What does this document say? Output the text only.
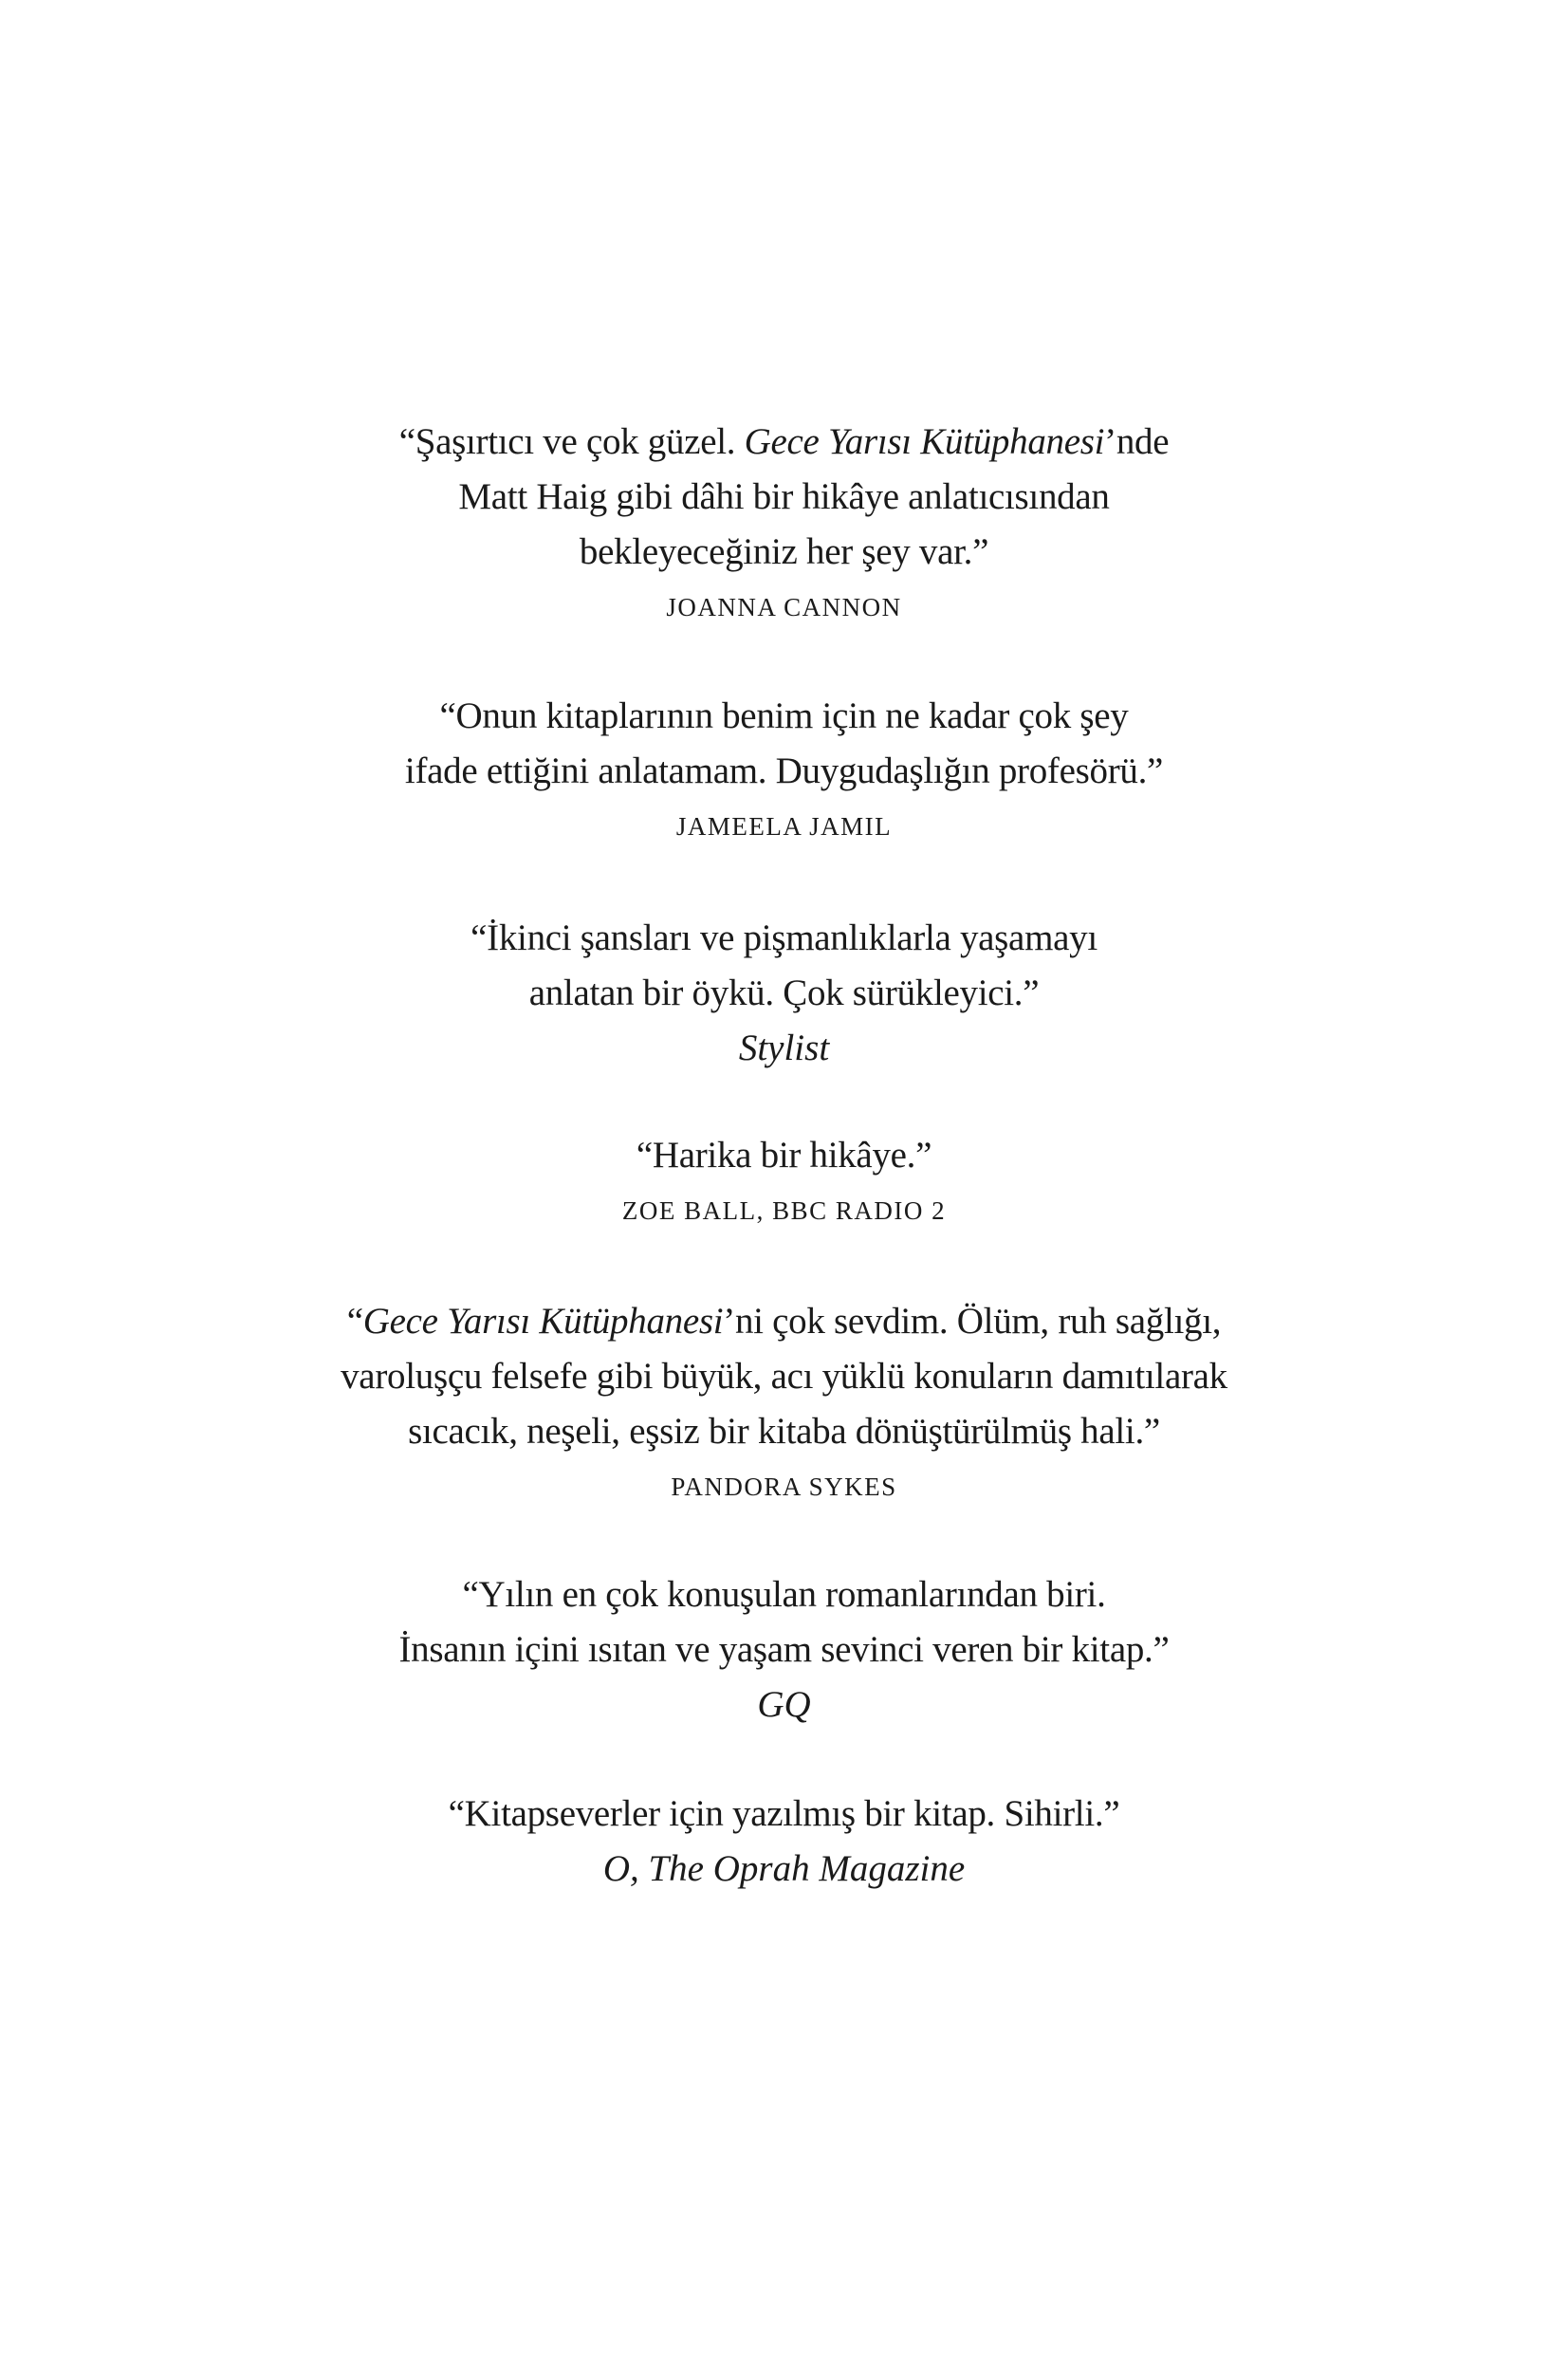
“Şaşırtıcı ve çok güzel. Gece Yarısı Kütüphanesi’nde
Matt Haig gibi dâhi bir hikâye anlatıcısından
bekleyeceğiniz her şey var.”
JOANNA CANNON
“Onun kitaplarının benim için ne kadar çok şey
ifade ettiğini anlatamam. Duygudaşlığın profesörü.”
JAMEELA JAMIL
“İkinci şansları ve pişmanlıklarla yaşamayı
anlatan bir öykü. Çok sürükleyici.”
Stylist
“Harika bir hikâye.”
ZOE BALL, BBC RADIO 2
“Gece Yarısı Kütüphanesi’ni çok sevdim. Ölüm, ruh sağlığı,
varoluşçu felsefe gibi büyük, acı yüklü konuların damıtılarak
sıcacık, neşeli, eşsiz bir kitaba dönüştürülmüş hali.”
PANDORA SYKES
“Yılın en çok konuşulan romanlarından biri.
İnsanın içini ısıtan ve yaşam sevinci veren bir kitap.”
GQ
“Kitapseverler için yazılmış bir kitap. Sihirli.”
O, The Oprah Magazine
